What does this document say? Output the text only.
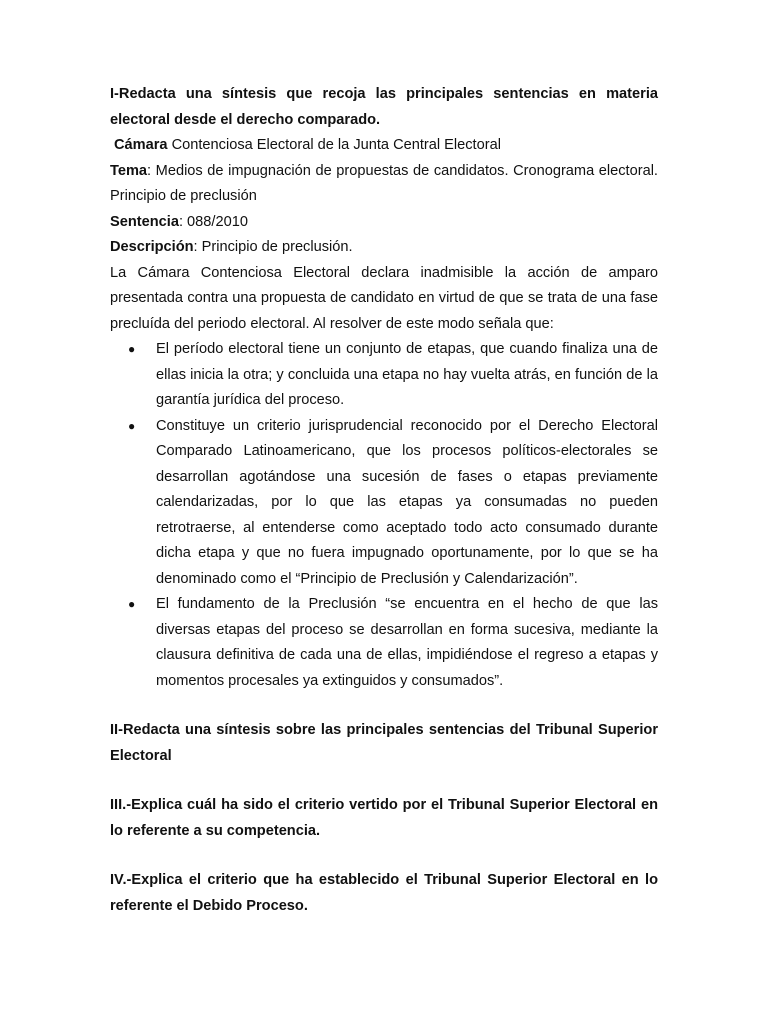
I-Redacta una síntesis que recoja las principales sentencias en materia electoral desde el derecho comparado.

Cámara Contenciosa Electoral de la Junta Central Electoral

Tema: Medios de impugnación de propuestas de candidatos. Cronograma electoral. Principio de preclusión

Sentencia: 088/2010

Descripción: Principio de preclusión.

La Cámara Contenciosa Electoral declara inadmisible la acción de amparo presentada contra una propuesta de candidato en virtud de que se trata de una fase precluída del periodo electoral. Al resolver de este modo señala que:

● El período electoral tiene un conjunto de etapas, que cuando finaliza una de ellas inicia la otra; y concluida una etapa no hay vuelta atrás, en función de la garantía jurídica del proceso.
● Constituye un criterio jurisprudencial reconocido por el Derecho Electoral Comparado Latinoamericano, que los procesos políticos-electorales se desarrollan agotándose una sucesión de fases o etapas previamente calendarizadas, por lo que las etapas ya consumadas no pueden retrotraerse, al entenderse como aceptado todo acto consumado durante dicha etapa y que no fuera impugnado oportunamente, por lo que se ha denominado como el “Principio de Preclusión y Calendarización”.
● El fundamento de la Preclusión “se encuentra en el hecho de que las diversas etapas del proceso se desarrollan en forma sucesiva, mediante la clausura definitiva de cada una de ellas, impidiéndose el regreso a etapas y momentos procesales ya extinguidos y consumados”.

II-Redacta una síntesis sobre las principales sentencias del Tribunal Superior Electoral

III.-Explica cuál ha sido el criterio vertido por el Tribunal Superior Electoral en lo referente a su competencia.

IV.-Explica el criterio que ha establecido el Tribunal Superior Electoral en lo referente el Debido Proceso.
